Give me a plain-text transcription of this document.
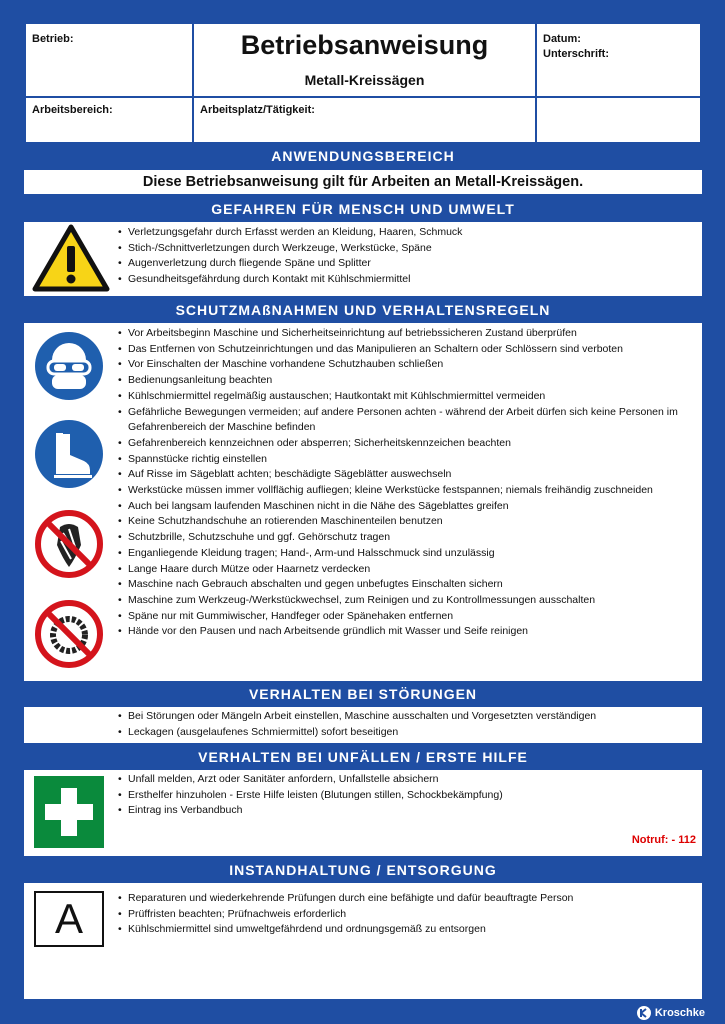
Betrieb:	Betriebsanweisung
Metall-Kreissägen
Datum:
Unterschrift:
Arbeitsbereich:	Arbeitsplatz/Tätigkeit:
ANWENDUNGSBEREICH
Diese Betriebsanweisung gilt für Arbeiten an Metall-Kreissägen.
GEFAHREN FÜR MENSCH UND UMWELT
• Verletzungsgefahr durch Erfasst werden an Kleidung, Haaren, Schmuck
• Stich-/Schnittverletzungen durch Werkzeuge, Werkstücke, Späne
• Augenverletzung durch fliegende Späne und Splitter
• Gesundheitsgefährdung durch Kontakt mit Kühlschmiermittel
SCHUTZMAßNAHMEN UND VERHALTENSREGELN
• Vor Arbeitsbeginn Maschine und Sicherheitseinrichtung auf betriebssicheren Zustand überprüfen
• Das Entfernen von Schutzeinrichtungen und das Manipulieren an Schaltern oder Schlössern sind verboten
• Vor Einschalten der Maschine vorhandene Schutzhauben schließen
• Bedienungsanleitung beachten
• Kühlschmiermittel regelmäßig austauschen; Hautkontakt mit Kühlschmiermittel vermeiden
• Gefährliche Bewegungen vermeiden; auf andere Personen achten - während der Arbeit dürfen sich keine Personen im Gefahrenbereich der Maschine befinden
• Gefahrenbereich kennzeichnen oder absperren; Sicherheitskennzeichen beachten
• Spannstücke richtig einstellen
• Auf Risse im Sägeblatt achten; beschädigte Sägeblätter auswechseln
• Werkstücke müssen immer vollflächig aufliegen; kleine Werkstücke festspannen; niemals freihändig zuschneiden
• Auch bei langsam laufenden Maschinen nicht in die Nähe des Sägeblattes greifen
• Keine Schutzhandschuhe an rotierenden Maschinenteilen benutzen
• Schutzbrille, Schutzschuhe und ggf. Gehörschutz tragen
• Enganliegende Kleidung tragen; Hand-, Arm-und Halsschmuck sind unzulässig
• Lange Haare durch Mütze oder Haarnetz verdecken
• Maschine nach Gebrauch abschalten und gegen unbefugtes Einschalten sichern
• Maschine zum Werkzeug-/Werkstückwechsel, zum Reinigen und zu Kontrollmessungen ausschalten
• Späne nur mit Gummiwischer, Handfeger oder Spänehaken entfernen
• Hände vor den Pausen und nach Arbeitsende gründlich mit Wasser und Seife reinigen
VERHALTEN BEI STÖRUNGEN
• Bei Störungen oder Mängeln Arbeit einstellen, Maschine ausschalten und Vorgesetzten verständigen
• Leckagen (ausgelaufenes Schmiermittel) sofort beseitigen
VERHALTEN BEI UNFÄLLEN / ERSTE HILFE
• Unfall melden, Arzt oder Sanitäter anfordern, Unfallstelle absichern
• Ersthelfer hinzuholen - Erste Hilfe leisten (Blutungen stillen, Schockbekämpfung)
• Eintrag ins Verbandbuch
Notruf: - 112
INSTANDHALTUNG / ENTSORGUNG
A
•	Reparaturen und wiederkehrende Prüfungen durch eine befähigte und dafür beauftragte Person
• Prüffristen beachten; Prüfnachweis erforderlich
• Kühlschmiermittel sind umweltgefährdend und ordnungsgemäß zu entsorgen
Kroschke
